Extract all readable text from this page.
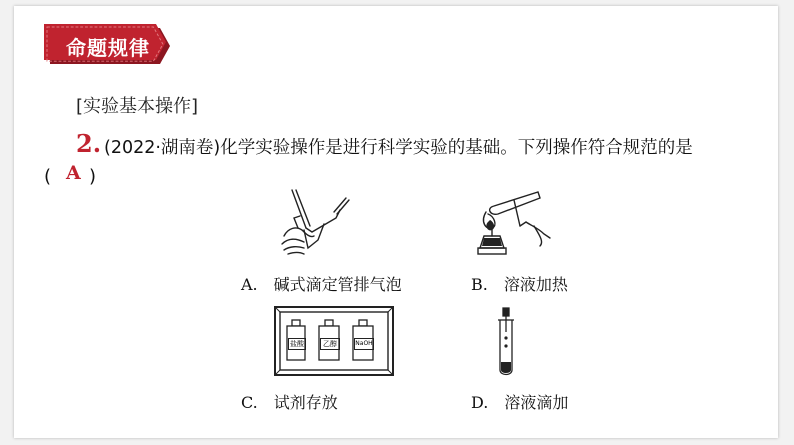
命题规律
[实验基本操作]
2. (2022·湖南卷)化学实验操作是进行科学实验的基础。下列操作符合规范的是
( A )
A.　碱式滴定管排气泡	B.　溶液加热
盐酸	乙醇	NaOH
C.　试剂存放	D.　溶液滴加
